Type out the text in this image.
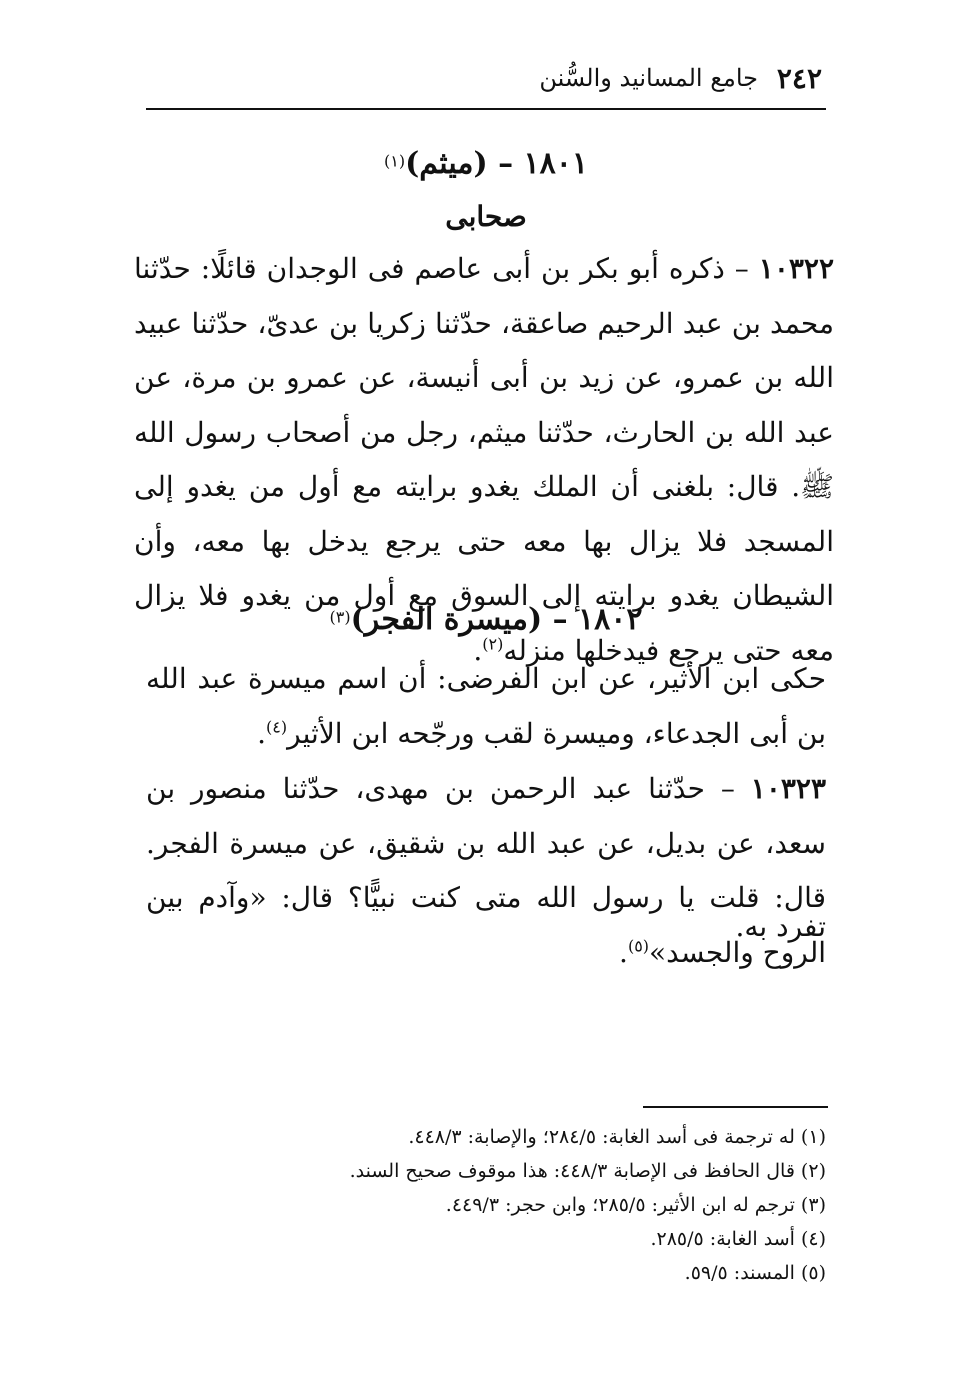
٢٤٢
جامع المسانيد والسُّنن
١٨٠١ – (ميثم)$^{(١)}$
صحابى
١٠٣٢٢ – ذكره أبو بكر بن أبى عاصم فى الوجدان قائلًا: حدّثنا محمد بن عبد الرحيم صاعقة، حدّثنا زكريا بن عدىّ، حدّثنا عبيد الله بن عمرو، عن زيد بن أبى أنيسة، عن عمرو بن مرة، عن عبد الله بن الحارث، حدّثنا ميثم، رجل من أصحاب رسول الله ﷺ. قال: بلغنى أن الملك يغدو برايته مع أول من يغدو إلى المسجد فلا يزال بها معه حتى يرجع يدخل بها معه، وأن الشيطان يغدو برايته إلى السوق مع أول من يغدو فلا يزال معه حتى يرجع فيدخلها منزله$^{(٢)}$.
١٨٠٢ – (ميسرة الفجر)$^{(٣)}$
حكى ابن الأثير، عن ابن الفرضى: أن اسم ميسرة عبد الله بن أبى الجدعاء، وميسرة لقب ورجّحه ابن الأثير$^{(٤)}$.
١٠٣٢٣ – حدّثنا عبد الرحمن بن مهدى، حدّثنا منصور بن سعد، عن بديل، عن عبد الله بن شقيق، عن ميسرة الفجر. قال: قلت يا رسول الله متى كنت نبيًّا؟ قال: «وآدم بين الروح والجسد»$^{(٥)}$.
تفرد به.
(١) له ترجمة فى أسد الغابة: ٢٨٤/٥؛ والإصابة: ٤٤٨/٣.
(٢) قال الحافظ فى الإصابة ٤٤٨/٣: هذا موقوف صحيح السند.
(٣) ترجم له ابن الأثير: ٢٨٥/٥؛ وابن حجر: ٤٤٩/٣.
(٤) أسد الغابة: ٢٨٥/٥.
(٥) المسند: ٥٩/٥.
